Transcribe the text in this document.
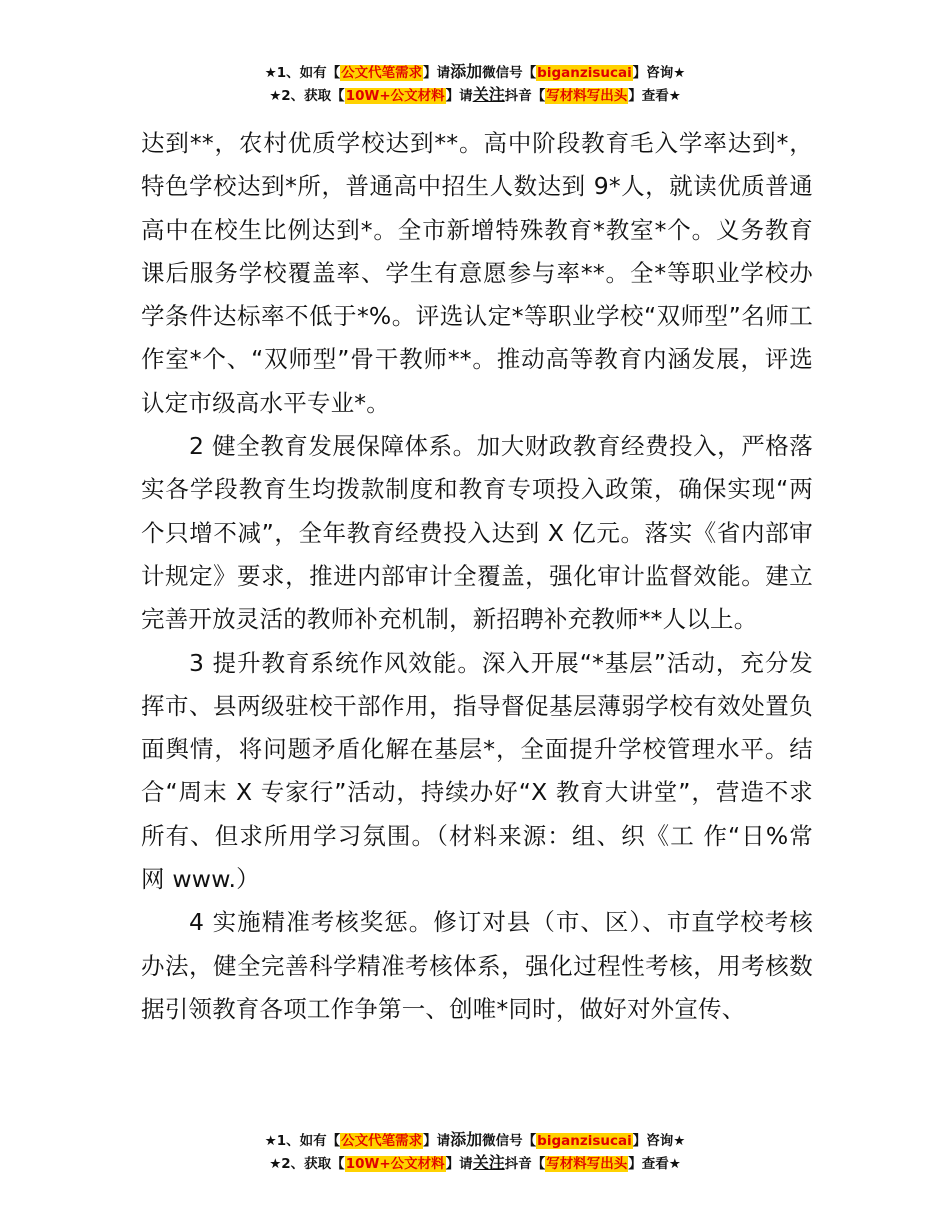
★1、如有【公文代笔需求】请添加微信号【biganzisucai】咨询★
★2、获取【10W+公文材料】请关注抖音【写材料写出头】查看★

达到**，农村优质学校达到**。高中阶段教育毛入学率达到*，特色学校达到*所，普通高中招生人数达到 9*人，就读优质普通高中在校生比例达到*。全市新增特殊教育*教室*个。义务教育课后服务学校覆盖率、学生有意愿参与率**。全*等职业学校办学条件达标率不低于*%。评选认定*等职业学校“双师型”名师工作室*个、“双师型”骨干教师**。推动高等教育内涵发展，评选认定市级高水平专业*。

2 健全教育发展保障体系。加大财政教育经费投入，严格落实各学段教育生均拨款制度和教育专项投入政策，确保实现“两个只增不减”，全年教育经费投入达到 X 亿元。落实《省内部审计规定》要求，推进内部审计全覆盖，强化审计监督效能。建立完善开放灵活的教师补充机制，新招聘补充教师**人以上。

3 提升教育系统作风效能。深入开展“*基层”活动，充分发挥市、县两级驻校干部作用，指导督促基层薄弱学校有效处置负面舆情，将问题矛盾化解在基层*，全面提升学校管理水平。结合“周末 X 专家行”活动，持续办好“X 教育大讲堂”，营造不求所有、但求所用学习氛围。（材料来源：组、织《工 作“日%常 网 www.）

4 实施精准考核奖惩。修订对县（市、区）、市直学校考核办法，健全完善科学精准考核体系，强化过程性考核，用考核数据引领教育各项工作争第一、创唯*同时，做好对外宣传、

★1、如有【公文代笔需求】请添加微信号【biganzisucai】咨询★
★2、获取【10W+公文材料】请关注抖音【写材料写出头】查看★
